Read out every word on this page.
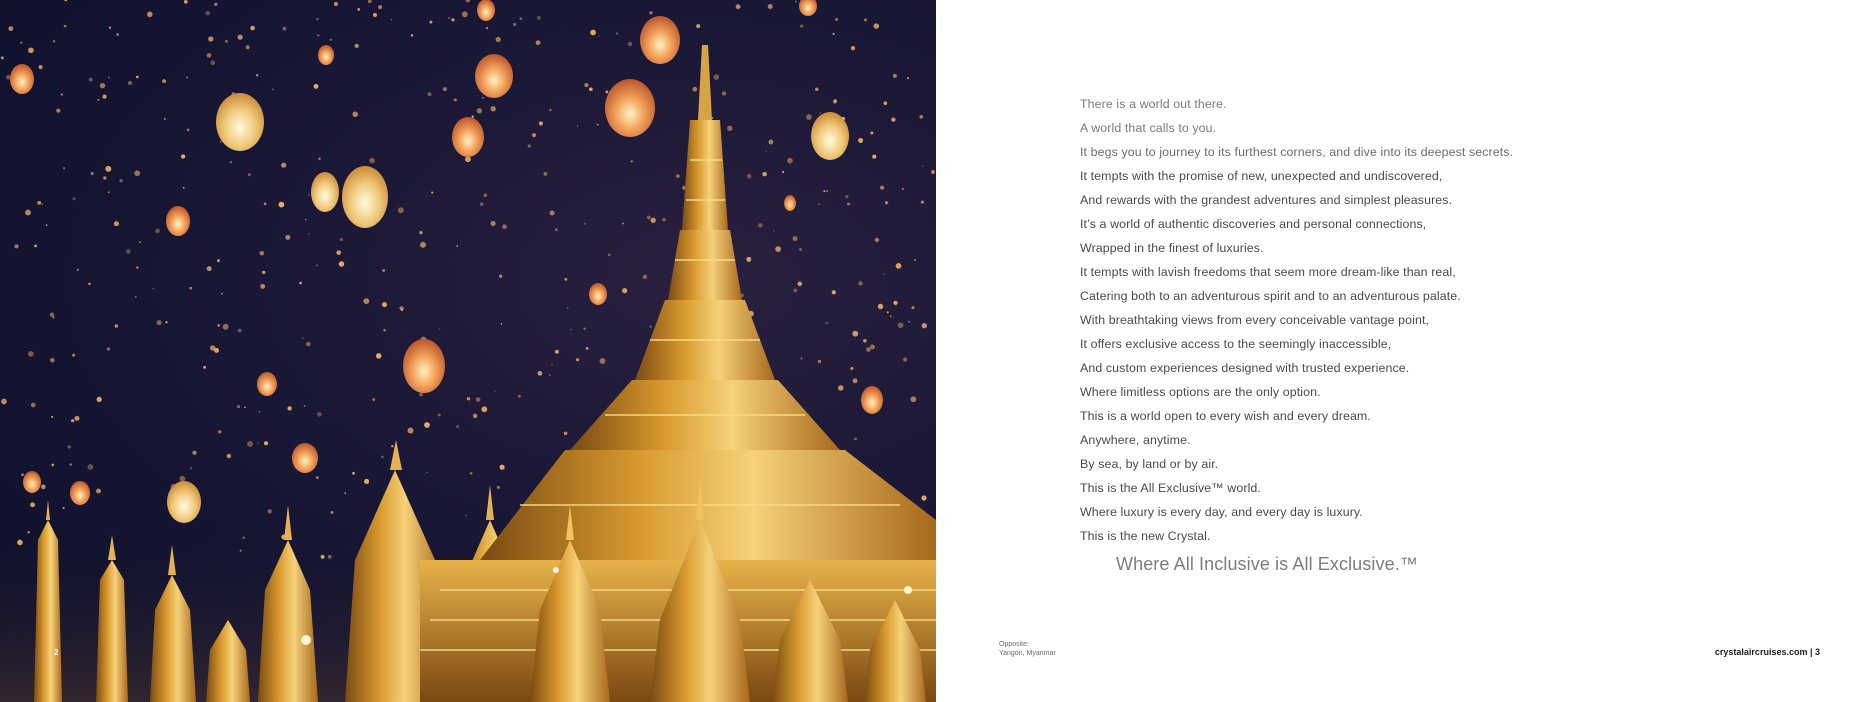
2
There is a world out there.
A world that calls to you.
It begs you to journey to its furthest corners, and dive into its deepest secrets.
It tempts with the promise of new, unexpected and undiscovered,
And rewards with the grandest adventures and simplest pleasures.
It’s a world of authentic discoveries and personal connections,
Wrapped in the finest of luxuries.
It tempts with lavish freedoms that seem more dream-like than real,
Catering both to an adventurous spirit and to an adventurous palate.
With breathtaking views from every conceivable vantage point,
It offers exclusive access to the seemingly inaccessible,
And custom experiences designed with trusted experience.
Where limitless options are the only option.
This is a world open to every wish and every dream.
Anywhere, anytime.
By sea, by land or by air.
This is the All Exclusive™ world.
Where luxury is every day, and every day is luxury.
This is the new Crystal.
Where All Inclusive is All Exclusive.™
Opposite:
Yangon, Myanmar	crystalaircruises.com | 3
